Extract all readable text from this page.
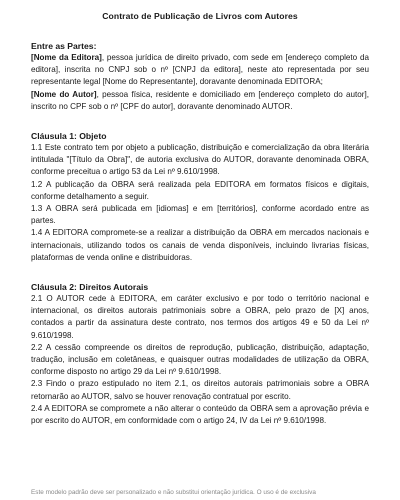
Contrato de Publicação de Livros com Autores
Entre as Partes:

[Nome da Editora], pessoa jurídica de direito privado, com sede em [endereço completo da editora], inscrita no CNPJ sob o nº [CNPJ da editora], neste ato representada por seu representante legal [Nome do Representante], doravante denominada EDITORA;

[Nome do Autor], pessoa física, residente e domiciliado em [endereço completo do autor], inscrito no CPF sob o nº [CPF do autor], doravante denominado AUTOR.

Cláusula 1: Objeto

1.1 Este contrato tem por objeto a publicação, distribuição e comercialização da obra literária intitulada "[Título da Obra]", de autoria exclusiva do AUTOR, doravante denominada OBRA, conforme preceitua o artigo 53 da Lei nº 9.610/1998.

1.2 A publicação da OBRA será realizada pela EDITORA em formatos físicos e digitais, conforme detalhamento a seguir.

1.3 A OBRA será publicada em [idiomas] e em [territórios], conforme acordado entre as partes.

1.4 A EDITORA compromete-se a realizar a distribuição da OBRA em mercados nacionais e internacionais, utilizando todos os canais de venda disponíveis, incluindo livrarias físicas, plataformas de venda online e distribuidoras.

Cláusula 2: Direitos Autorais

2.1 O AUTOR cede à EDITORA, em caráter exclusivo e por todo o território nacional e internacional, os direitos autorais patrimoniais sobre a OBRA, pelo prazo de [X] anos, contados a partir da assinatura deste contrato, nos termos dos artigos 49 e 50 da Lei nº 9.610/1998.

2.2 A cessão compreende os direitos de reprodução, publicação, distribuição, adaptação, tradução, inclusão em coletâneas, e quaisquer outras modalidades de utilização da OBRA, conforme disposto no artigo 29 da Lei nº 9.610/1998.

2.3 Findo o prazo estipulado no item 2.1, os direitos autorais patrimoniais sobre a OBRA retornarão ao AUTOR, salvo se houver renovação contratual por escrito.

2.4 A EDITORA se compromete a não alterar o conteúdo da OBRA sem a aprovação prévia e por escrito do AUTOR, em conformidade com o artigo 24, IV da Lei nº 9.610/1998.

Este modelo padrão deve ser personalizado e não substitui orientação jurídica. O uso é de exclusiva
